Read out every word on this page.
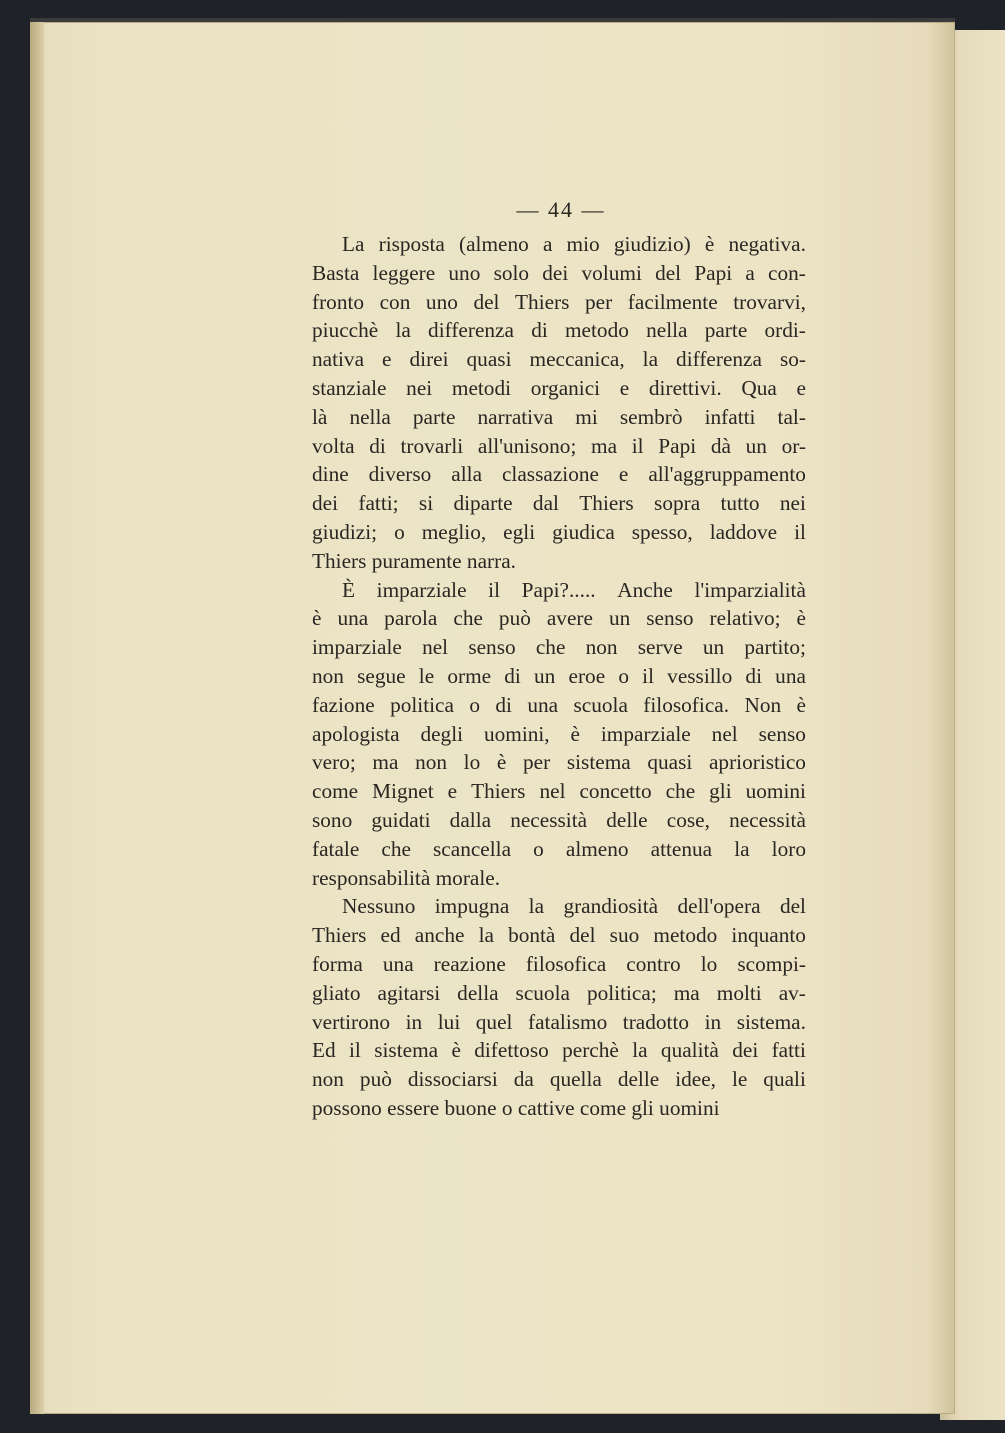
— 44 —
La risposta (almeno a mio giudizio) è negativa.
Basta leggere uno solo dei volumi del Papi a con-
fronto con uno del Thiers per facilmente trovarvi,
piucchè la differenza di metodo nella parte ordi-
nativa e direi quasi meccanica, la differenza so-
stanziale nei metodi organici e direttivi. Qua e
là nella parte narrativa mi sembrò infatti tal-
volta di trovarli all'unisono; ma il Papi dà un or-
dine diverso alla classazione e all'aggruppamento
dei fatti; si diparte dal Thiers sopra tutto nei
giudizi; o meglio, egli giudica spesso, laddove il
Thiers puramente narra.
È imparziale il Papi?..... Anche l'imparzialità
è una parola che può avere un senso relativo; è
imparziale nel senso che non serve un partito;
non segue le orme di un eroe o il vessillo di una
fazione politica o di una scuola filosofica. Non è
apologista degli uomini, è imparziale nel senso
vero; ma non lo è per sistema quasi aprioristico
come Mignet e Thiers nel concetto che gli uomini
sono guidati dalla necessità delle cose, necessità
fatale che scancella o almeno attenua la loro
responsabilità morale.
Nessuno impugna la grandiosità dell'opera del
Thiers ed anche la bontà del suo metodo inquanto
forma una reazione filosofica contro lo scompi-
gliato agitarsi della scuola politica; ma molti av-
vertirono in lui quel fatalismo tradotto in sistema.
Ed il sistema è difettoso perchè la qualità dei fatti
non può dissociarsi da quella delle idee, le quali
possono essere buone o cattive come gli uomini
